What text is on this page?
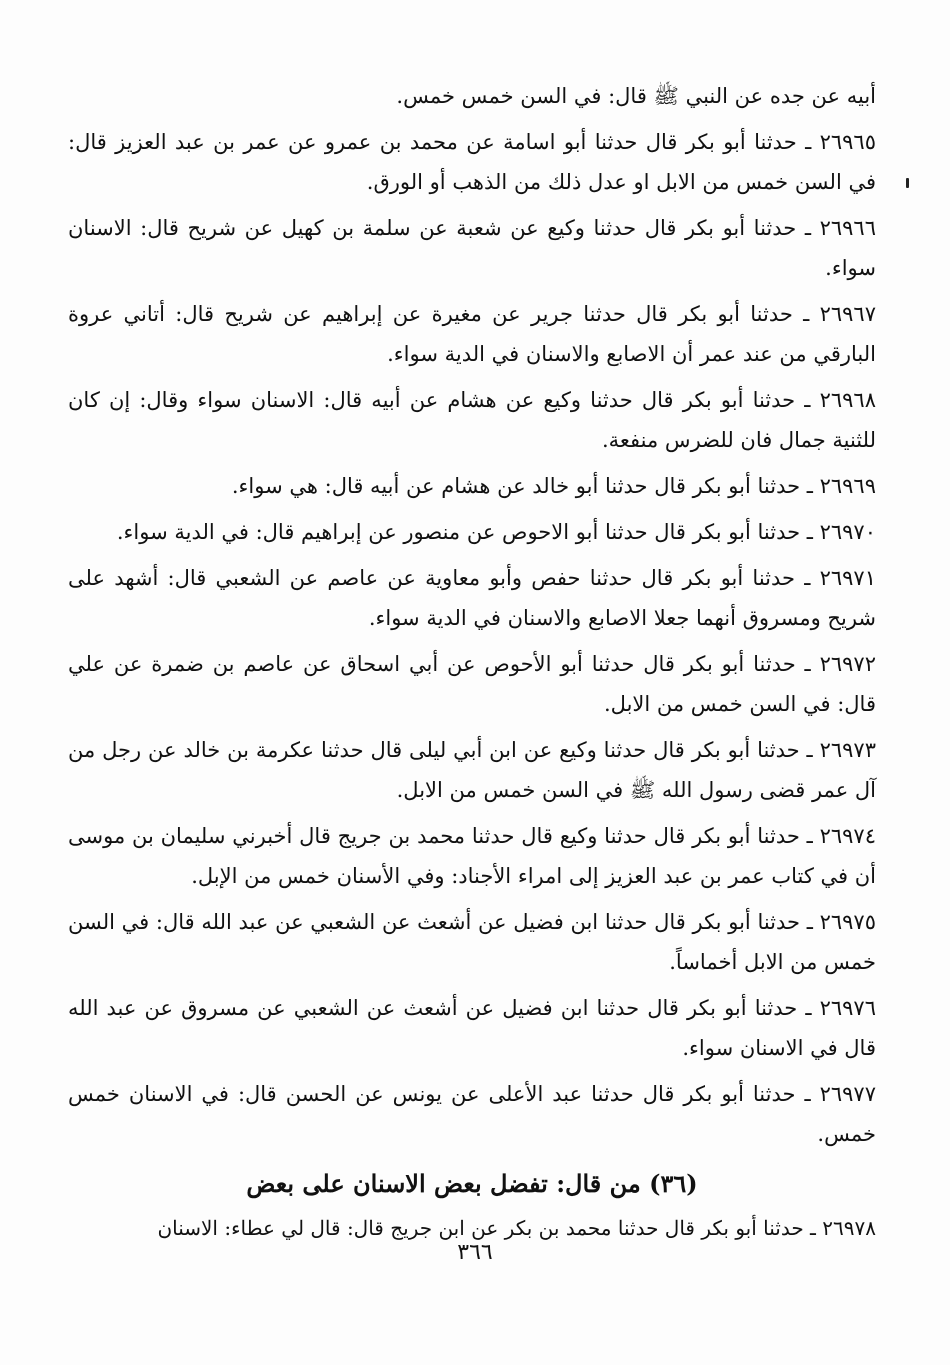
أبيه عن جده عن النبي ﷺ قال: في السن خمس خمس.

٢٦٩٦٥ ـ حدثنا أبو بكر قال حدثنا أبو اسامة عن محمد بن عمرو عن عمر بن عبد العزيز قال: في السن خمس من الابل او عدل ذلك من الذهب أو الورق.

٢٦٩٦٦ ـ حدثنا أبو بكر قال حدثنا وكيع عن شعبة عن سلمة بن كهيل عن شريح قال: الاسنان سواء.

٢٦٩٦٧ ـ حدثنا أبو بكر قال حدثنا جرير عن مغيرة عن إبراهيم عن شريح قال: أتاني عروة البارقي من عند عمر أن الاصابع والاسنان في الدية سواء.

٢٦٩٦٨ ـ حدثنا أبو بكر قال حدثنا وكيع عن هشام عن أبيه قال: الاسنان سواء وقال: إن كان للثنية جمال فان للضرس منفعة.

٢٦٩٦٩ ـ حدثنا أبو بكر قال حدثنا أبو خالد عن هشام عن أبيه قال: هي سواء.

٢٦٩٧٠ ـ حدثنا أبو بكر قال حدثنا أبو الاحوص عن منصور عن إبراهيم قال: في الدية سواء.

٢٦٩٧١ ـ حدثنا أبو بكر قال حدثنا حفص وأبو معاوية عن عاصم عن الشعبي قال: أشهد على شريح ومسروق أنهما جعلا الاصابع والاسنان في الدية سواء.

٢٦٩٧٢ ـ حدثنا أبو بكر قال حدثنا أبو الأحوص عن أبي اسحاق عن عاصم بن ضمرة عن علي قال: في السن خمس من الابل.

٢٦٩٧٣ ـ حدثنا أبو بكر قال حدثنا وكيع عن ابن أبي ليلى قال حدثنا عكرمة بن خالد عن رجل من آل عمر قضى رسول الله ﷺ في السن خمس من الابل.

٢٦٩٧٤ ـ حدثنا أبو بكر قال حدثنا وكيع قال حدثنا محمد بن جريج قال أخبرني سليمان بن موسى أن في كتاب عمر بن عبد العزيز إلى امراء الأجناد: وفي الأسنان خمس من الإبل.

٢٦٩٧٥ ـ حدثنا أبو بكر قال حدثنا ابن فضيل عن أشعث عن الشعبي عن عبد الله قال: في السن خمس من الابل أخماساً.

٢٦٩٧٦ ـ حدثنا أبو بكر قال حدثنا ابن فضيل عن أشعث عن الشعبي عن مسروق عن عبد الله قال في الاسنان سواء.

٢٦٩٧٧ ـ حدثنا أبو بكر قال حدثنا عبد الأعلى عن يونس عن الحسن قال: في الاسنان خمس خمس.

(٣٦) من قال: تفضل بعض الاسنان على بعض

٢٦٩٧٨ ـ حدثنا أبو بكر قال حدثنا محمد بن بكر عن ابن جريج قال: قال لي عطاء: الاسنان

٣٦٦
